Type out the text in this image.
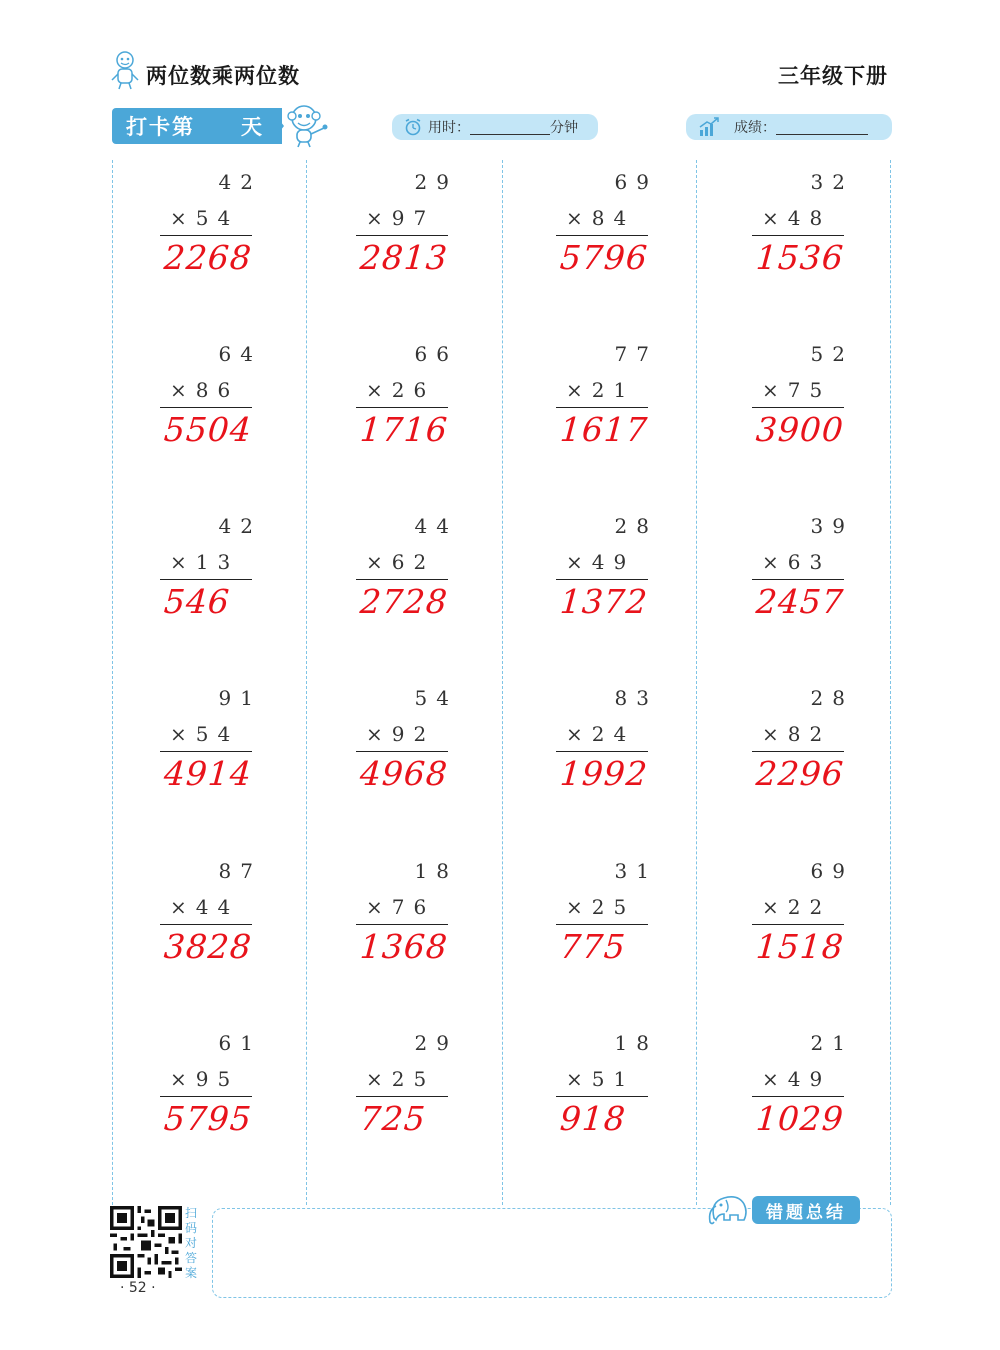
两位数乘两位数	三年级下册
打卡第 天	用时：	分钟	成绩：
42
×54
2268
29
×97
2813
69
×84
5796
32
×48
1536
64
×86
5504
66
×26
1716
77
×21
1617
52
×75
3900
42
×13
546
44
×62
2728
28
×49
1372
39
×63
2457
91
×54
4914
54
×92
4968
83
×24
1992
28
×82
2296
87
×44
3828
18
×76
1368
31
×25
775
69
×22
1518
61
×95
5795
29
×25
725
18
×51
918
21
×49
1029
扫码对答案
· 52 ·
错题总结
